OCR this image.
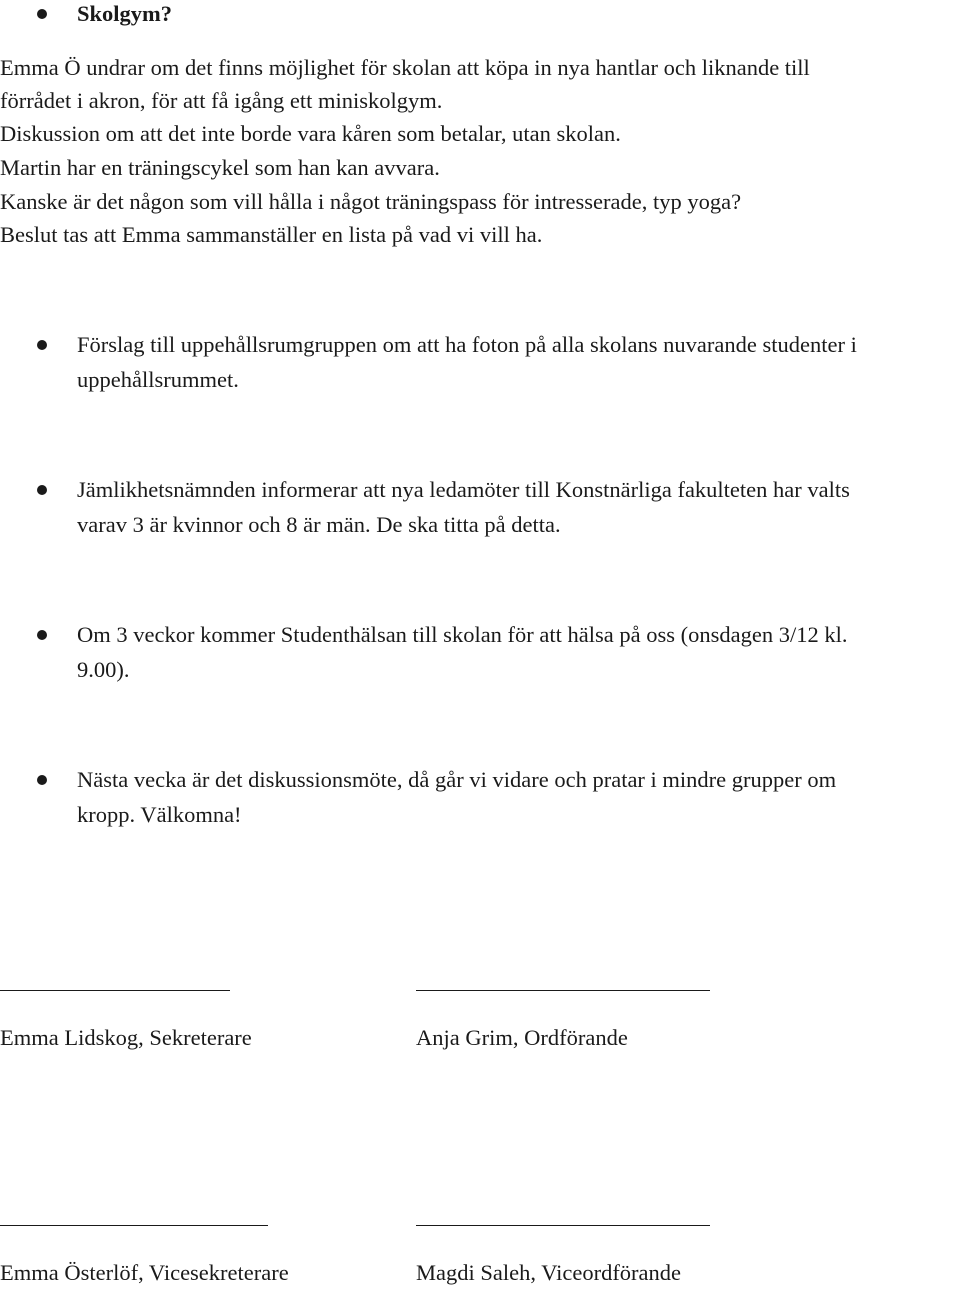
Skolgym?
Emma Ö undrar om det finns möjlighet för skolan att köpa in nya hantlar och liknande till
förrådet i akron, för att få igång ett miniskolgym.
Diskussion om att det inte borde vara kåren som betalar, utan skolan.
Martin har en träningscykel som han kan avvara.
Kanske är det någon som vill hålla i något träningspass för intresserade, typ yoga?
Beslut tas att Emma sammanställer en lista på vad vi vill ha.
Förslag till uppehållsrumgruppen om att ha foton på alla skolans nuvarande studenter i
uppehållsrummet.
Jämlikhetsnämnden informerar att nya ledamöter till Konstnärliga fakulteten har valts
varav 3 är kvinnor och 8 är män. De ska titta på detta.
Om 3 veckor kommer Studenthälsan till skolan för att hälsa på oss (onsdagen 3/12 kl.
9.00).
Nästa vecka är det diskussionsmöte, då går vi vidare och pratar i mindre grupper om
kropp. Välkomna!
Emma Lidskog, Sekreterare	Anja Grim, Ordförande
Emma Österlöf, Vicesekreterare	Magdi Saleh, Viceordförande
